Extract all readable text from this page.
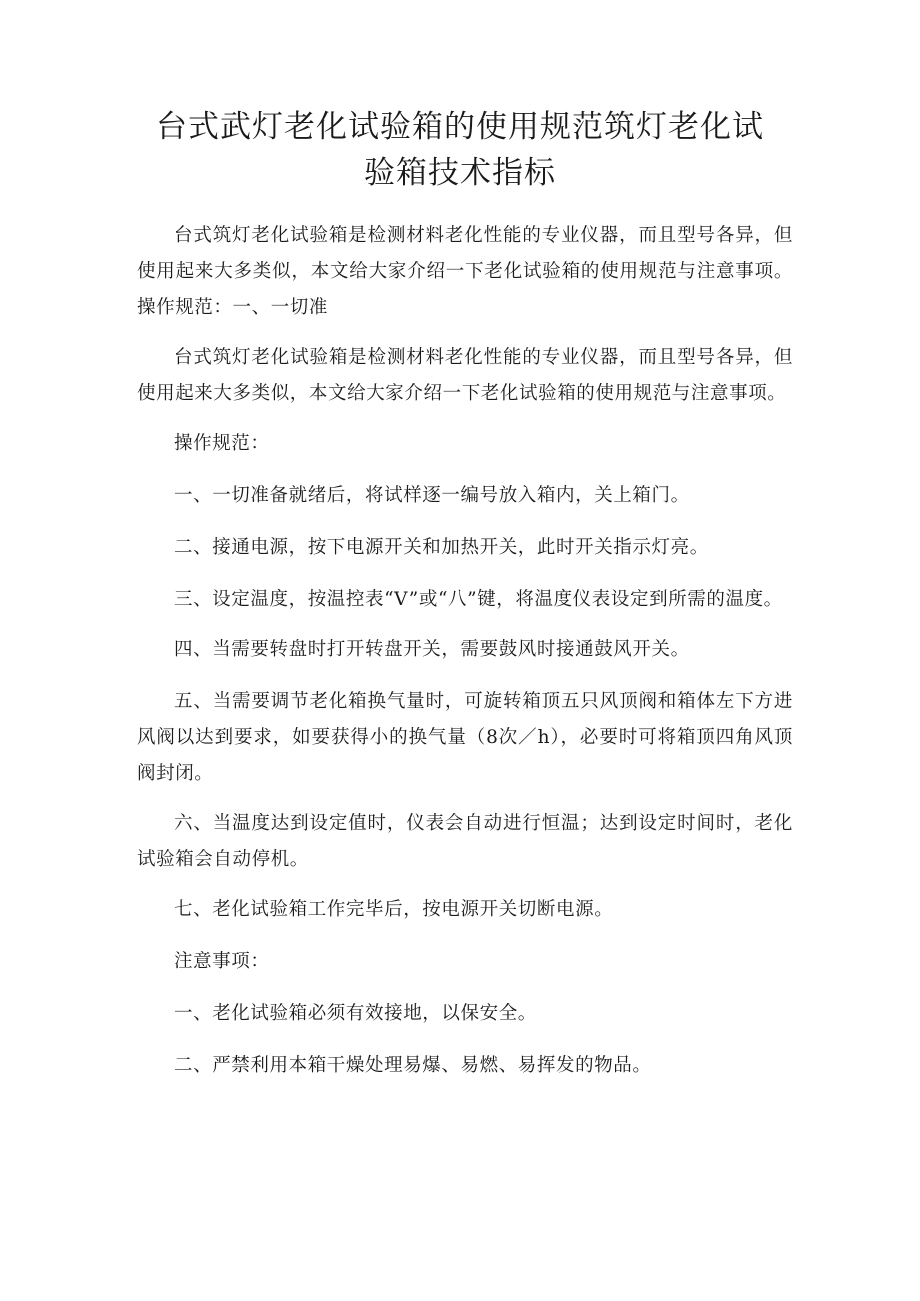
台式武灯老化试验箱的使用规范筑灯老化试
验箱技术指标

台式筑灯老化试验箱是检测材料老化性能的专业仪器，而且型号各异，但使用起来大多类似，本文给大家介绍一下老化试验箱的使用规范与注意事项。操作规范：一、一切准

台式筑灯老化试验箱是检测材料老化性能的专业仪器，而且型号各异，但使用起来大多类似，本文给大家介绍一下老化试验箱的使用规范与注意事项。

操作规范：

一、一切准备就绪后，将试样逐一编号放入箱内，关上箱门。

二、接通电源，按下电源开关和加热开关，此时开关指示灯亮。

三、设定温度，按温控表“V”或“八”键，将温度仪表设定到所需的温度。

四、当需要转盘时打开转盘开关，需要鼓风时接通鼓风开关。

五、当需要调节老化箱换气量时，可旋转箱顶五只风顶阀和箱体左下方进风阀以达到要求，如要获得小的换气量（8次／h），必要时可将箱顶四角风顶阀封闭。

六、当温度达到设定值时，仪表会自动进行恒温；达到设定时间时，老化试验箱会自动停机。

七、老化试验箱工作完毕后，按电源开关切断电源。

注意事项：

一、老化试验箱必须有效接地，以保安全。

二、严禁利用本箱干燥处理易爆、易燃、易挥发的物品。
